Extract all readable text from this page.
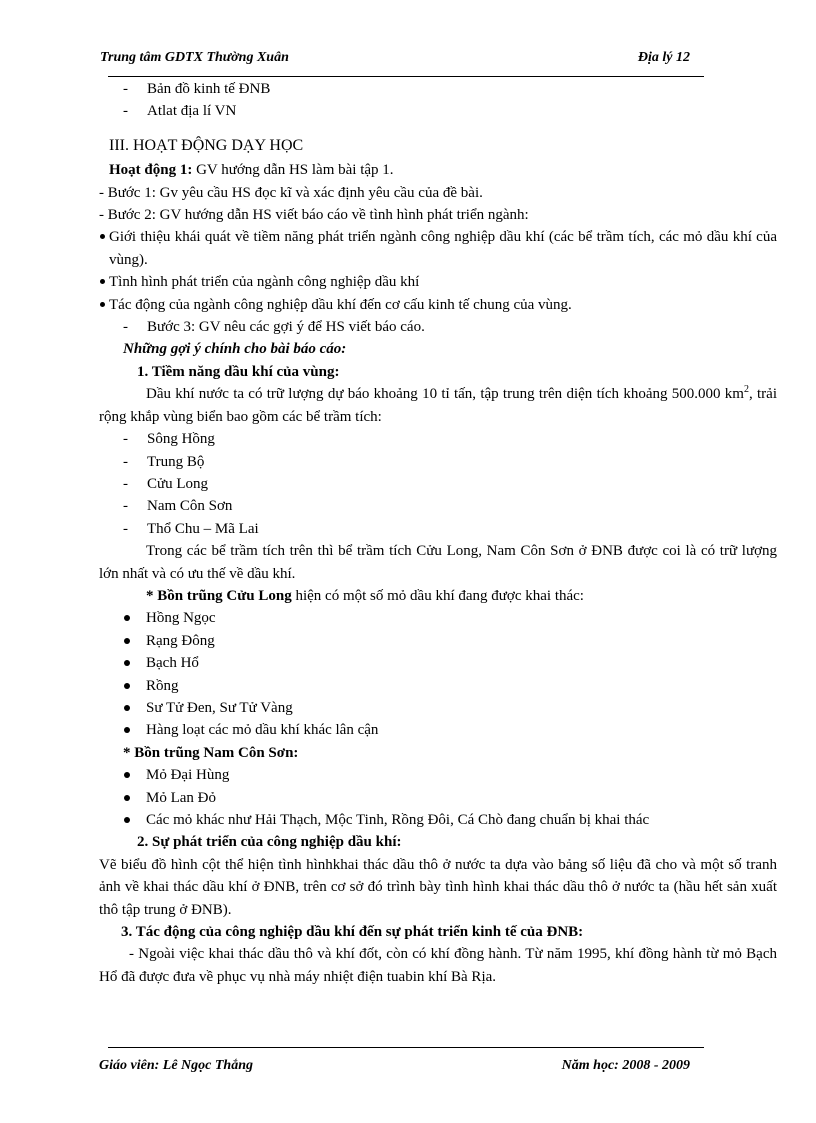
Trung tâm GDTX Thường Xuân	Địa lý 12

- Bản đồ kinh tế ĐNB

- Atlat địa lí VN

III. HOẠT ĐỘNG DẠY HỌC

Hoạt động 1: GV hướng dẫn HS làm bài tập 1.

- Bước 1: Gv yêu cầu HS đọc kĩ và xác định yêu cầu của đề bài.

- Bước 2: GV hướng dẫn HS viết báo cáo về tình hình phát triển ngành:

Giới thiệu khái quát về tiềm năng phát triển ngành công nghiệp dầu khí (các bể trầm tích, các mỏ dầu khí của vùng).

Tình hình phát triển của ngành công nghiệp dầu khí

Tác động của ngành công nghiệp dầu khí đến cơ cấu kinh tế chung của vùng.

- Bước 3: GV nêu các gợi ý để HS viết báo cáo.

Những gợi ý chính cho bài báo cáo:

1. Tiềm năng dầu khí của vùng:

Dầu khí nước ta có trữ lượng dự báo khoảng 10 tỉ tấn, tập trung trên diện tích khoảng 500.000 $km^2$, trải rộng khắp vùng biển bao gồm các bể trầm tích:

- Sông Hồng

- Trung Bộ

- Cửu Long

- Nam Côn Sơn

- Thổ Chu – Mã Lai

Trong các bể trầm tích trên thì bể trầm tích Cửu Long, Nam Côn Sơn ở ĐNB được coi là có trữ lượng lớn nhất và có ưu thế về dầu khí.

* Bồn trũng Cửu Long hiện có một số mỏ dầu khí đang được khai thác:

Hồng Ngọc

Rạng Đông

Bạch Hổ

Rồng

Sư Tử Đen, Sư Tử Vàng

Hàng loạt các mỏ dầu khí khác lân cận

* Bồn trũng Nam Côn Sơn:

Mỏ Đại Hùng

Mỏ Lan Đỏ

Các mỏ khác như Hải Thạch, Mộc Tinh, Rồng Đôi, Cá Chò đang chuẩn bị khai thác

2. Sự phát triển của công nghiệp dầu khí:

Vẽ biểu đồ hình cột thể hiện tình hìnhkhai thác dầu thô ở nước ta dựa vào bảng số liệu đã cho và một số tranh ảnh về khai thác dầu khí ở ĐNB, trên cơ sở đó trình bày tình hình khai thác dầu thô ở nước ta (hầu hết sản xuất thô tập trung ở ĐNB).

3. Tác động của công nghiệp dầu khí đến sự phát triển kinh tế của ĐNB:

- Ngoài việc khai thác dầu thô và khí đốt, còn có khí đồng hành. Từ năm 1995, khí đồng hành từ mỏ Bạch Hổ đã được đưa về phục vụ nhà máy nhiệt điện tuabin khí Bà Rịa.

Giáo viên: Lê Ngọc Thắng	Năm học: 2008 - 2009
